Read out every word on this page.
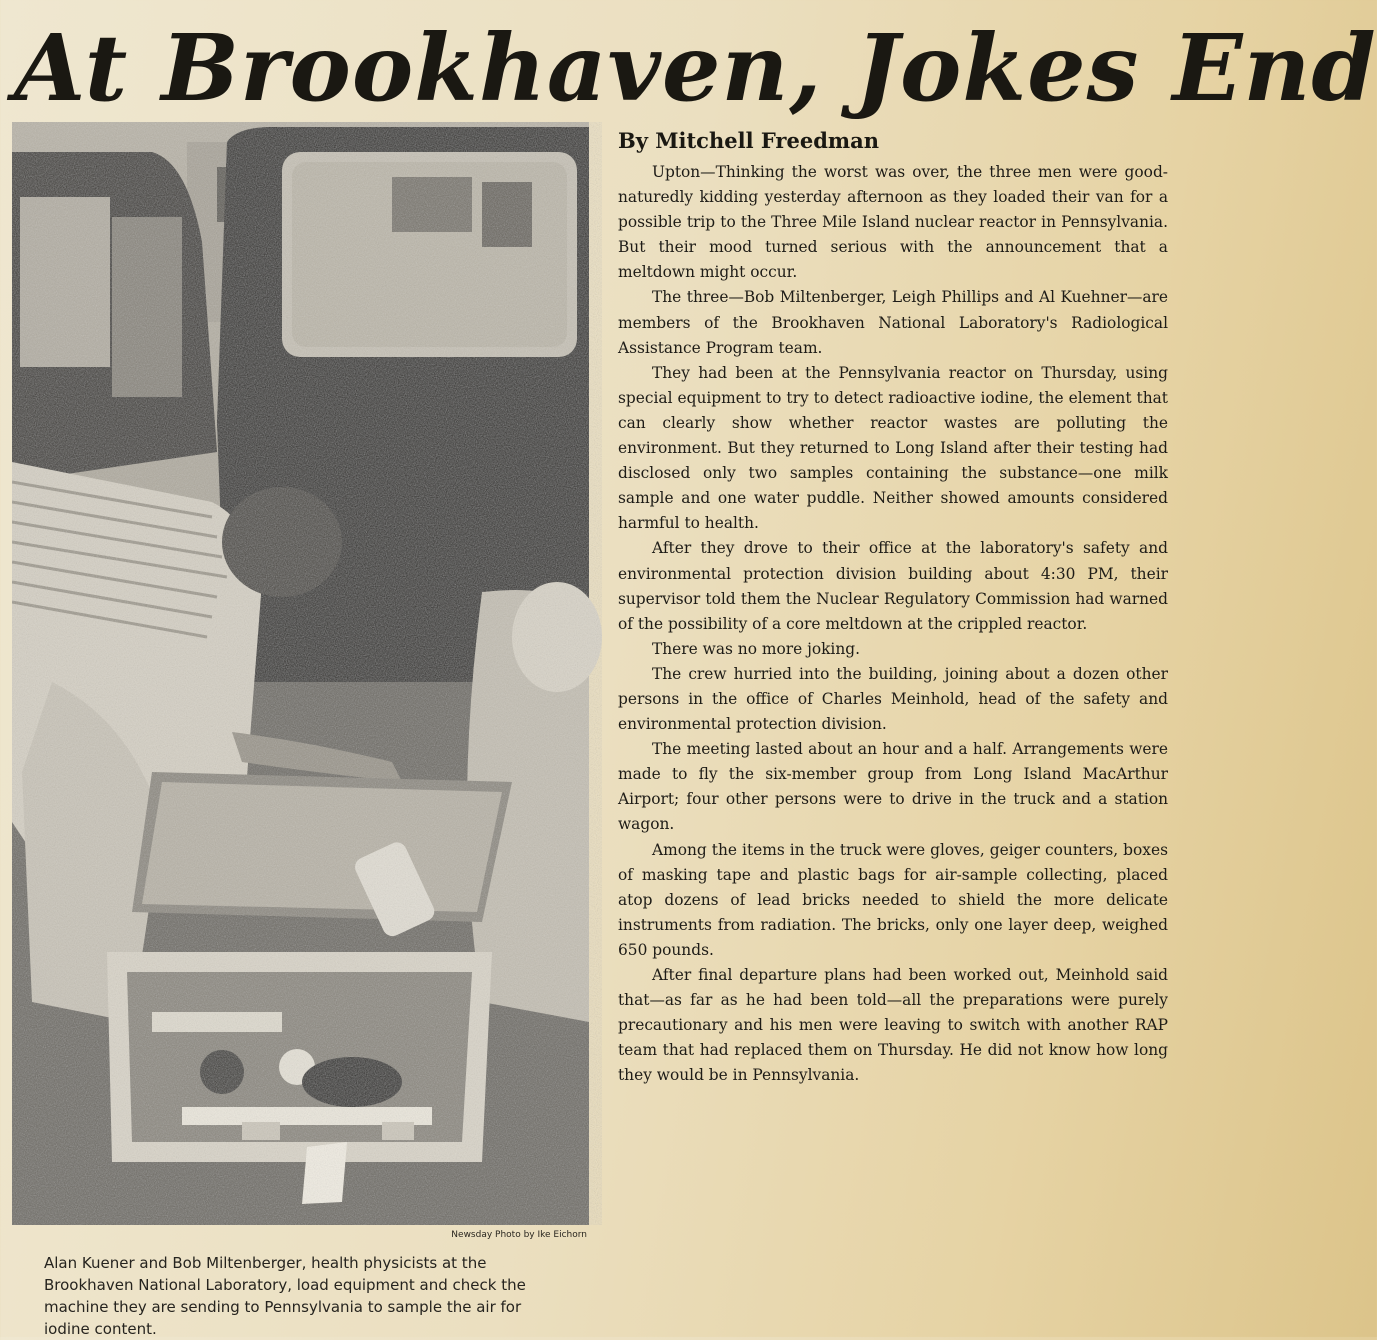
At Brookhaven, Jokes End

Newsday Photo by Ike Eichorn

Alan Kuener and Bob Miltenberger, health physicists at the Brookhaven National Laboratory, load equipment and check the machine they are sending to Pennsylvania to sample the air for iodine content.

By Mitchell Freedman

Upton—Thinking the worst was over, the three men were good-naturedly kidding yesterday afternoon as they loaded their van for a possible trip to the Three Mile Island nuclear reactor in Pennsylvania. But their mood turned serious with the announcement that a meltdown might occur.

The three—Bob Miltenberger, Leigh Phillips and Al Kuehner—are members of the Brookhaven National Laboratory's Radiological Assistance Program team.

They had been at the Pennsylvania reactor on Thursday, using special equipment to try to detect radioactive iodine, the element that can clearly show whether reactor wastes are polluting the environment. But they returned to Long Island after their testing had disclosed only two samples containing the substance—one milk sample and one water puddle. Neither showed amounts considered harmful to health.

After they drove to their office at the laboratory's safety and environmental protection division building about 4:30 PM, their supervisor told them the Nuclear Regulatory Commission had warned of the possibility of a core meltdown at the crippled reactor.

There was no more joking.

The crew hurried into the building, joining about a dozen other persons in the office of Charles Meinhold, head of the safety and environmental protection division.

The meeting lasted about an hour and a half. Arrangements were made to fly the six-member group from Long Island MacArthur Airport; four other persons were to drive in the truck and a station wagon.

Among the items in the truck were gloves, geiger counters, boxes of masking tape and plastic bags for air-sample collecting, placed atop dozens of lead bricks needed to shield the more delicate instruments from radiation. The bricks, only one layer deep, weighed 650 pounds.

After final departure plans had been worked out, Meinhold said that—as far as he had been told—all the preparations were purely precautionary and his men were leaving to switch with another RAP team that had replaced them on Thursday. He did not know how long they would be in Pennsylvania.
